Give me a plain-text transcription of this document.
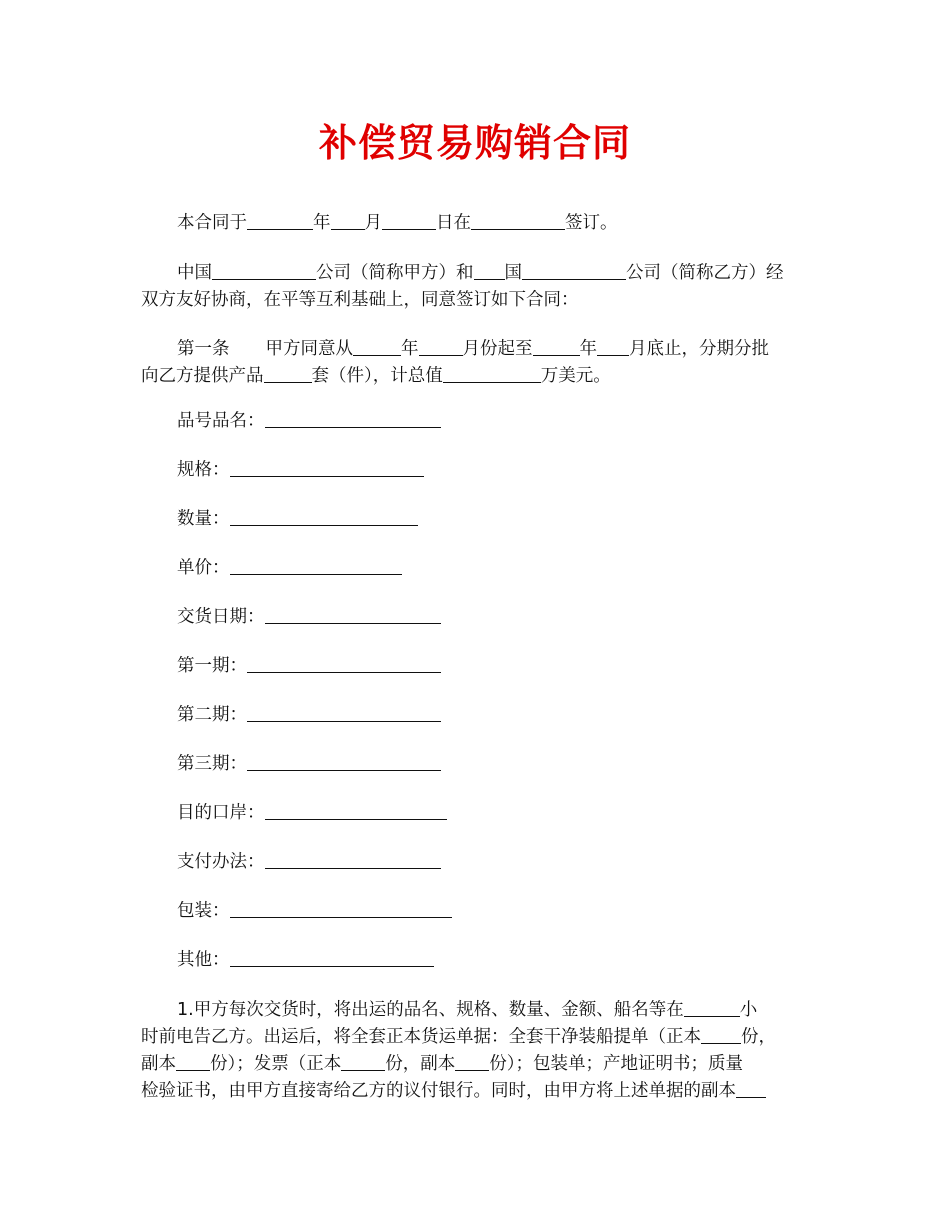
补偿贸易购销合同
本合同于	年 月	日在	签订。
中国	公司（简称甲方）和 国	公司（简称乙方）经
双方友好协商，在平等互利基础上，同意签订如下合同：
第一条 甲方同意从	年	月份起至	年 月底止，分期分批
向乙方提供产品	套（件），计总值	万美元。
品号品名：
规格：
数量：
单价：
交货日期：
第一期：
第二期：
第三期：
目的口岸：
支付办法：
包装：
其他：
1.甲方每次交货时，将出运的品名、规格、数量、金额、船名等在	小
时前电告乙方。出运后，将全套正本货运单据：全套干净装船提单（正本 份，
副本 份）；发票（正本	份，副本 份）；包装单；产地证明书；质量
检验证书，由甲方直接寄给乙方的议付银行。同时，由甲方将上述单据的副本
